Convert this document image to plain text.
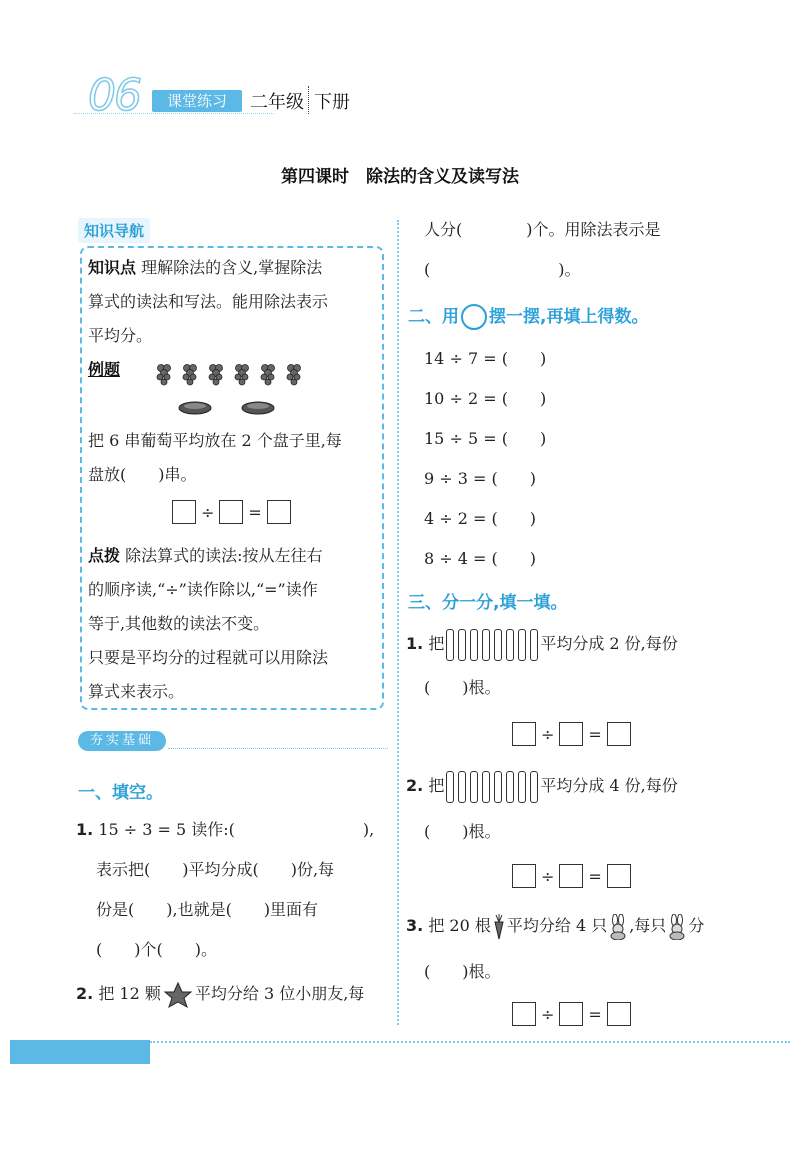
06	课堂练习	二年级 下册
第四课时　除法的含义及读写法
知识导航
知识点 理解除法的含义,掌握除法
算式的读法和写法。能用除法表示
平均分。
例题
把 6 串葡萄平均放在 2 个盘子里,每
盘放(　　)串。
÷ =
点拨 除法算式的读法:按从左往右
的顺序读,“÷”读作除以,“=”读作
等于,其他数的读法不变。
只要是平均分的过程就可以用除法
算式来表示。
夯实基础
一、填空。
1. 15 ÷ 3 = 5 读作:(　　　　　　　　),
表示把(　　)平均分成(　　)份,每
份是(　　),也就是(　　)里面有
(　　)个(　　)。
2. 把 12 颗 平均分给 3 位小朋友,每
人分(　　　　)个。用除法表示是
(　　　　　　　　)。
二、用 摆一摆,再填上得数。
14 ÷ 7 = (　　)
10 ÷ 2 = (　　)
15 ÷ 5 = (　　)
9 ÷ 3 = (　　)
4 ÷ 2 = (　　)
8 ÷ 4 = (　　)
三、分一分,填一填。
1. 把	平均分成 2 份,每份
(　　)根。
÷ =
2. 把	平均分成 4 份,每份
(　　)根。
÷ =
3. 把 20 根 平均分给 4 只 ,每只 分
(　　)根。
÷ =
